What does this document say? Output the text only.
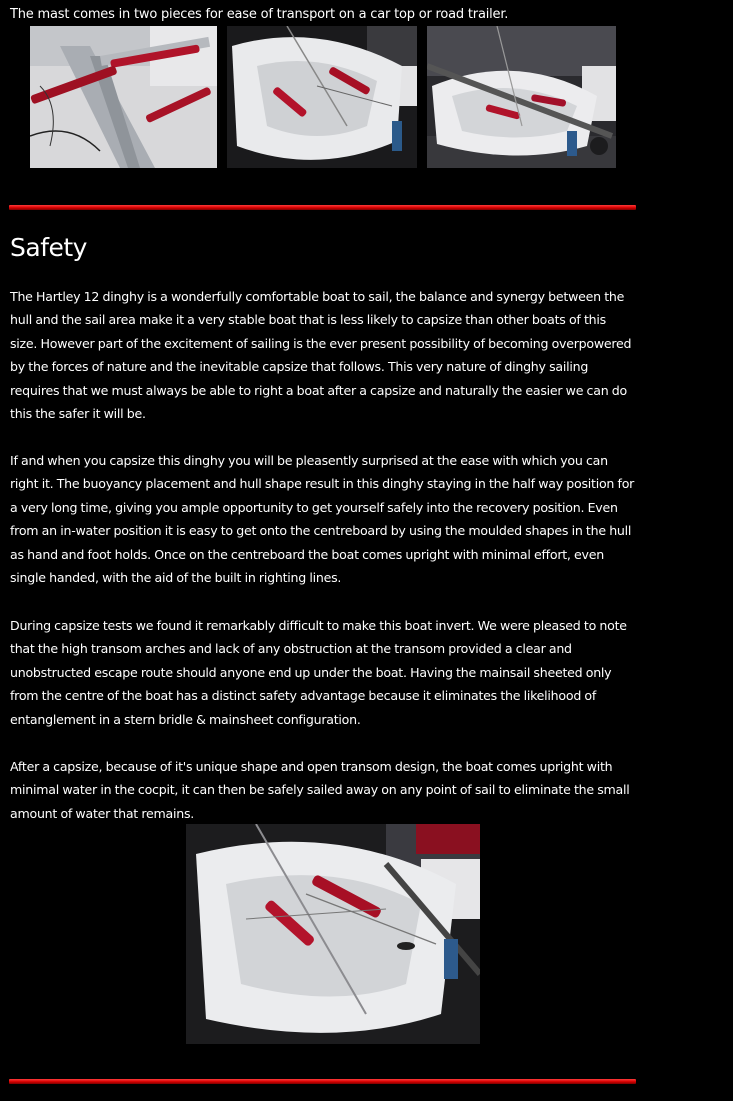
The mast comes in two pieces for ease of transport on a car top or road trailer.
Safety

The Hartley 12 dinghy is a wonderfully comfortable boat to sail, the balance and synergy between the hull and the sail area make it a very stable boat that is less likely to capsize than other boats of this size. However part of the excitement of sailing is the ever present possibility of becoming overpowered by the forces of nature and the inevitable capsize that follows. This very nature of dinghy sailing requires that we must always be able to right a boat after a capsize and naturally the easier we can do this the safer it will be.

If and when you capsize this dinghy you will be pleasently surprised at the ease with which you can right it. The buoyancy placement and hull shape result in this dinghy staying in the half way position for a very long time, giving you ample opportunity to get yourself safely into the recovery position. Even from an in-water position it is easy to get onto the centreboard by using the moulded shapes in the hull as hand and foot holds. Once on the centreboard the boat comes upright with minimal effort, even single handed, with the aid of the built in righting lines.

During capsize tests we found it remarkably difficult to make this boat invert. We were pleased to note that the high transom arches and lack of any obstruction at the transom provided a clear and unobstructed escape route should anyone end up under the boat. Having the mainsail sheeted only from the centre of the boat has a distinct safety advantage because it eliminates the likelihood of entanglement in a stern bridle & mainsheet configuration.

After a capsize, because of it's unique shape and open transom design, the boat comes upright with minimal water in the cocpit, it can then be safely sailed away on any point of sail to eliminate the small amount of water that remains.
